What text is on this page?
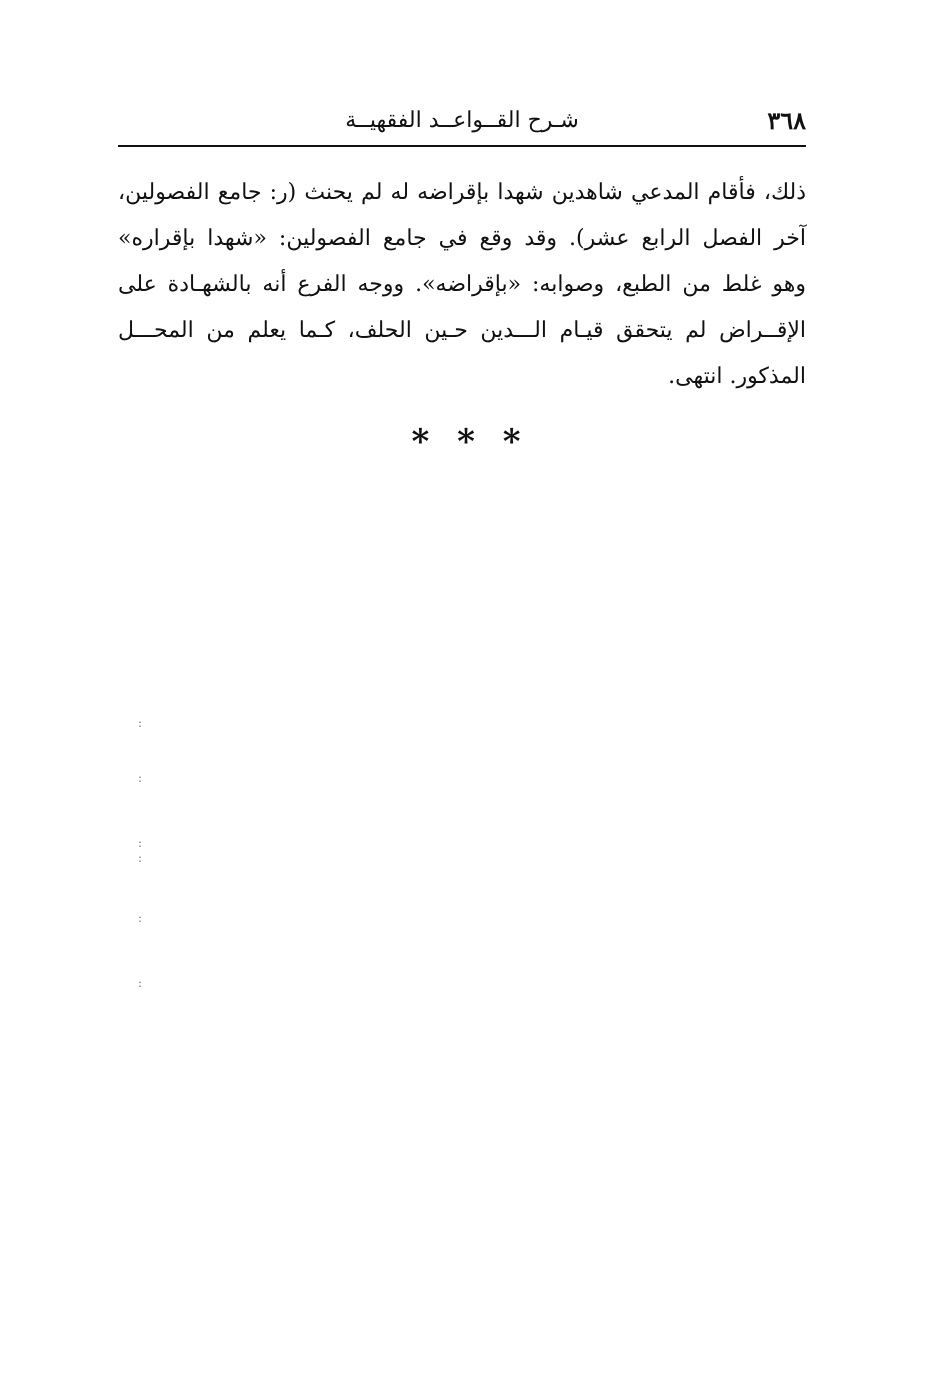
٣٦٨
شـرح القــواعــد الفقهيــة
ذلك، فأقام المدعي شاهدين شهدا بإقراضه له لم يحنث (ر: جامع الفصولين،
آخر الفصل الرابع عشر). وقد وقع في جامع الفصولين: «شهدا بإقراره»
وهو غلط من الطبع، وصوابه: «بإقراضه». ووجه الفرع أنه بالشهـادة على
الإقــراض لم يتحقق قيـام الـــدين حـين الحلف، كـما يعلم من المحـــل
المذكور. انتهى.
* * *
:
:
:
:
:
:
